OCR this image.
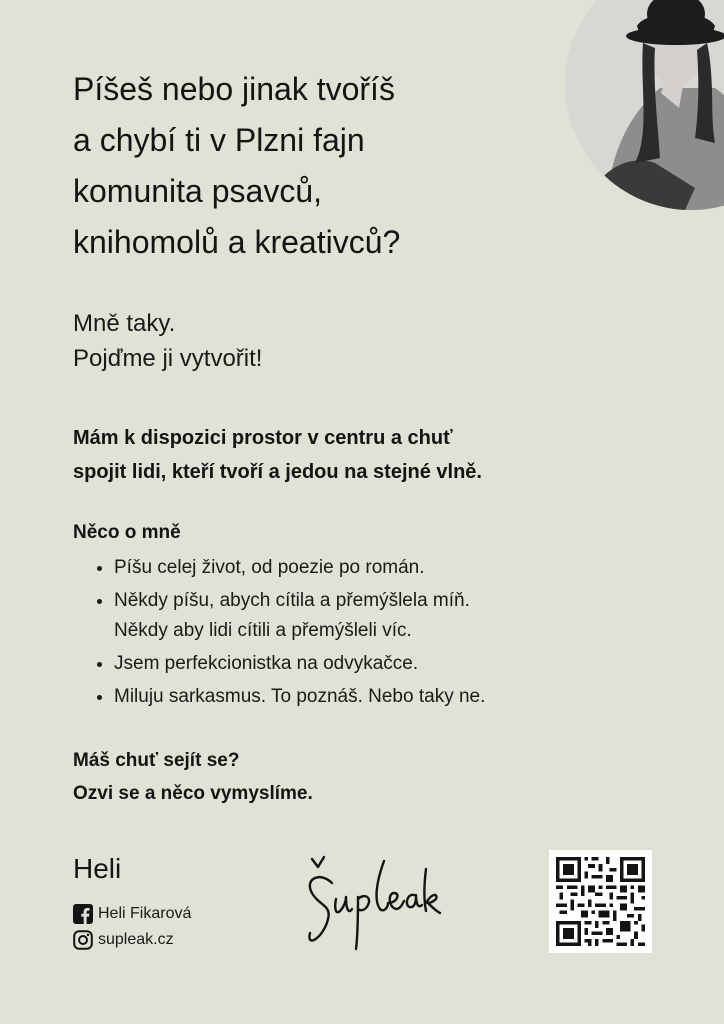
Píšeš nebo jinak tvoříš
a chybí ti v Plzni fajn
komunita psavců,
knihomolů a kreativců?
Mně taky.
Pojďme ji vytvořit!
Mám k dispozici prostor v centru a chuť
spojit lidi, kteří tvoří a jedou na stejné vlně.
Něco o mně
• Píšu celej život, od poezie po román.
• Někdy píšu, abych cítila a přemýšlela míň.
Někdy aby lidi cítili a přemýšleli víc.
• Jsem perfekcionistka na odvykačce.
• Miluju sarkasmus. To poznáš. Nebo taky ne.
Máš chuť sejít se?
Ozvi se a něco vymyslíme.
Heli
Heli Fikarová
supleak.cz
